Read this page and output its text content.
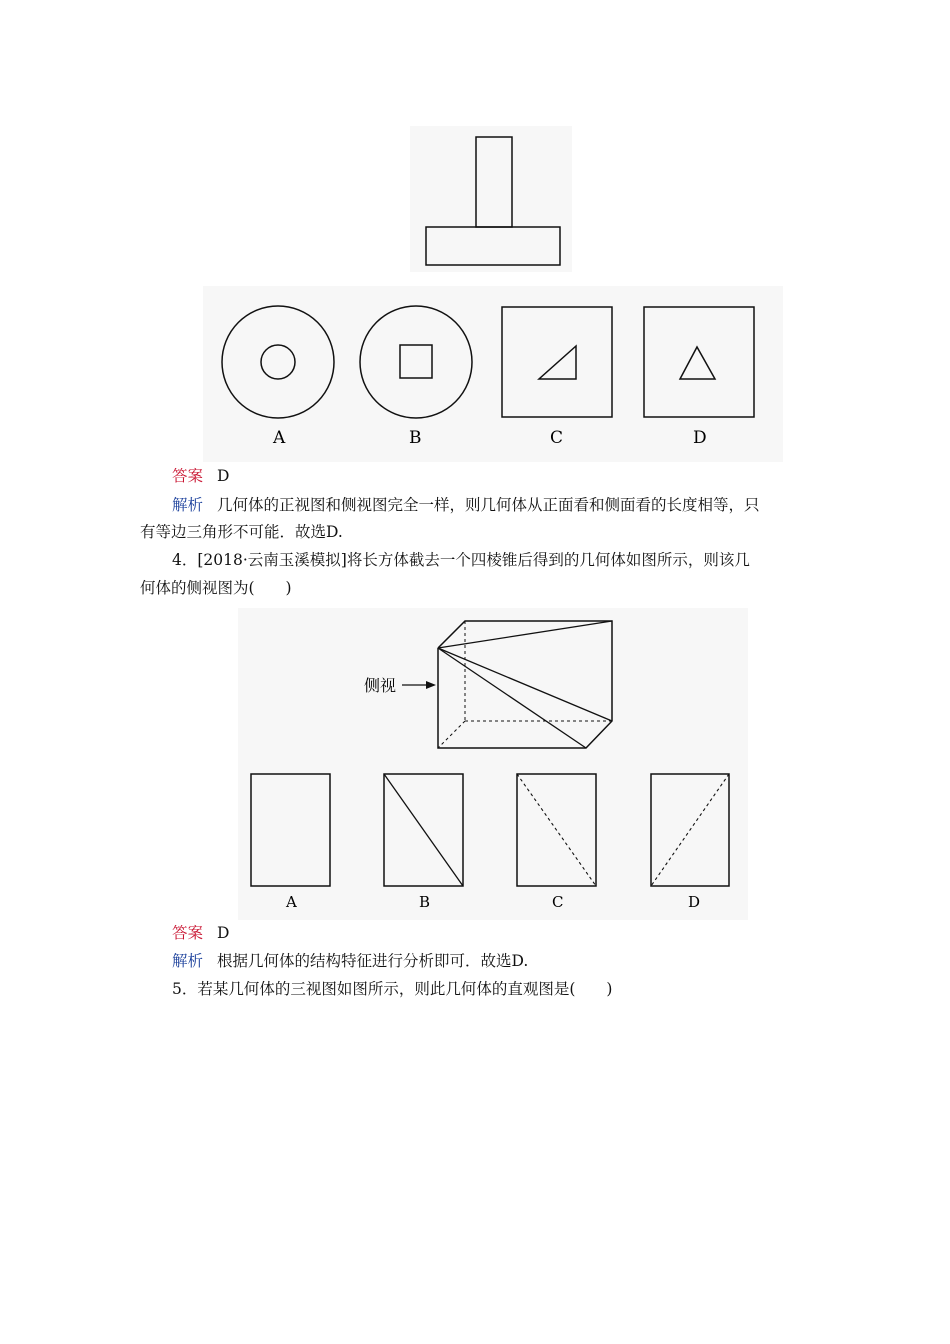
A	B	C	D
答案 D
解析 几何体的正视图和侧视图完全一样，则几何体从正面看和侧面看的长度相等，只
有等边三角形不可能．故选D.
4．[2018·云南玉溪模拟]将长方体截去一个四棱锥后得到的几何体如图所示，则该几
何体的侧视图为(　　)
侧视
A	B	C	D
答案 D
解析 根据几何体的结构特征进行分析即可．故选D.
5．若某几何体的三视图如图所示，则此几何体的直观图是(　　)
